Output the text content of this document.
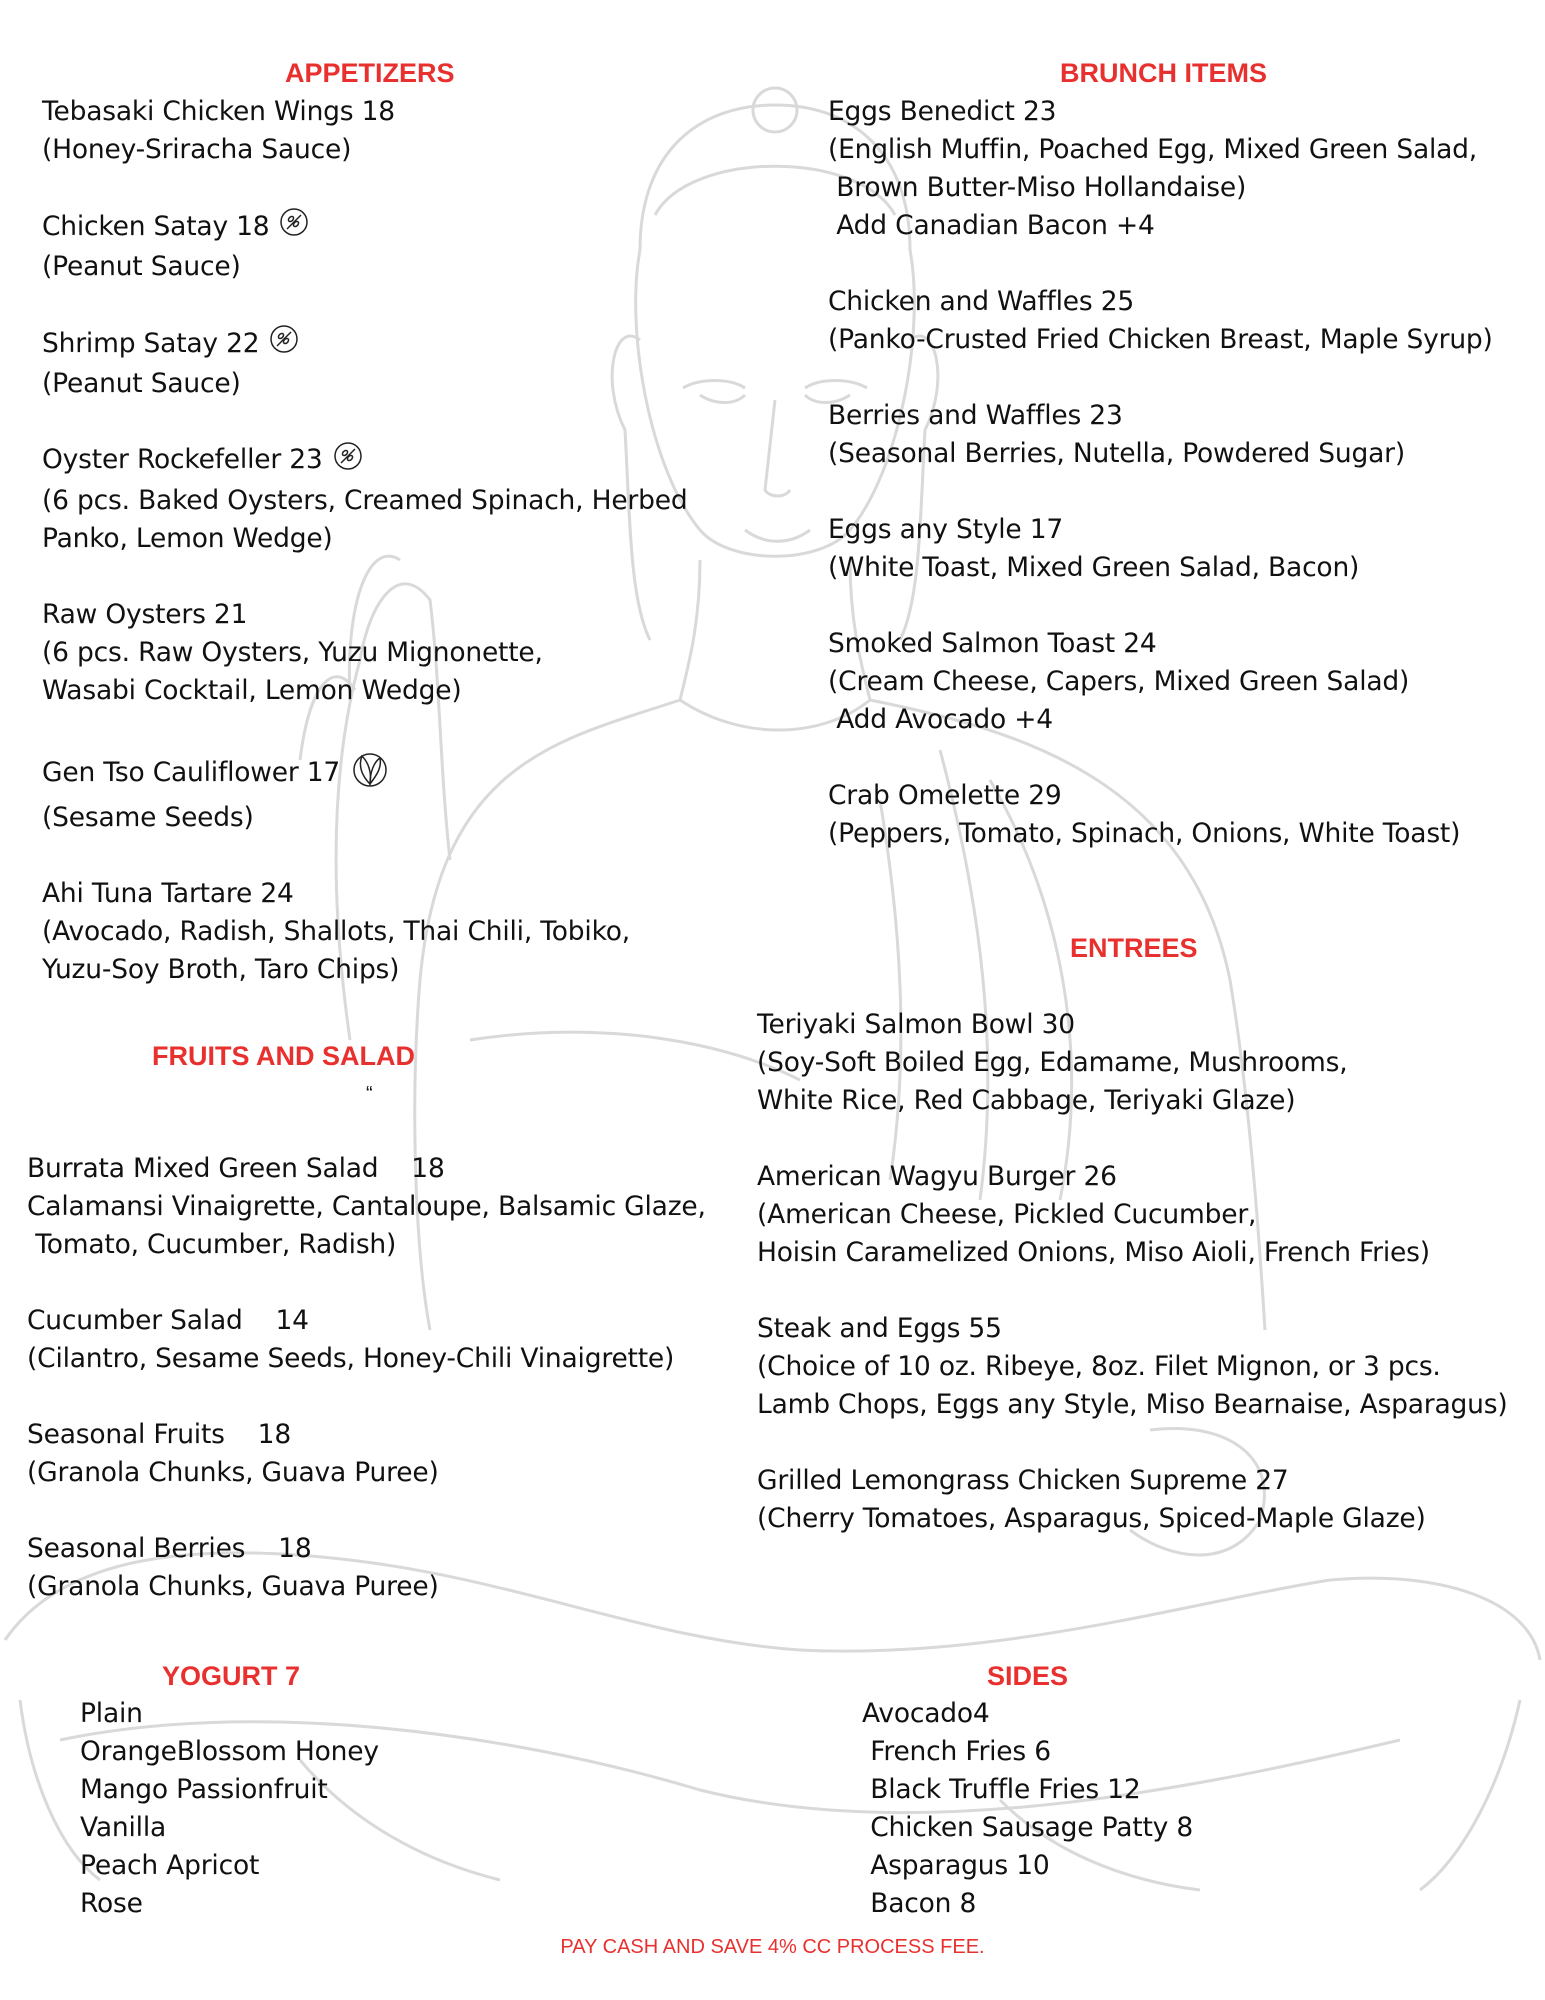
APPETIZERS
Tebasaki Chicken Wings 18
(Honey-Sriracha Sauce)
Chicken Satay 18
(Peanut Sauce)
Shrimp Satay 22
(Peanut Sauce)
Oyster Rockefeller 23
(6 pcs. Baked Oysters, Creamed Spinach, Herbed
Panko, Lemon Wedge)
Raw Oysters 21
(6 pcs. Raw Oysters, Yuzu Mignonette,
Wasabi Cocktail, Lemon Wedge)
Gen Tso Cauliflower 17
(Sesame Seeds)
Ahi Tuna Tartare 24
(Avocado, Radish, Shallots, Thai Chili, Tobiko,
Yuzu-Soy Broth, Taro Chips)
BRUNCH ITEMS
Eggs Benedict 23
(English Muffin, Poached Egg, Mixed Green Salad,
Brown Butter-Miso Hollandaise)
Add Canadian Bacon +4
Chicken and Waffles 25
(Panko-Crusted Fried Chicken Breast, Maple Syrup)
Berries and Waffles 23
(Seasonal Berries, Nutella, Powdered Sugar)
Eggs any Style 17
(White Toast, Mixed Green Salad, Bacon)
Smoked Salmon Toast 24
(Cream Cheese, Capers, Mixed Green Salad)
Add Avocado +4
Crab Omelette 29
(Peppers, Tomato, Spinach, Onions, White Toast)
FRUITS AND SALAD
“
Burrata Mixed Green Salad    18
Calamansi Vinaigrette, Cantaloupe, Balsamic Glaze,
Tomato, Cucumber, Radish)
Cucumber Salad    14
(Cilantro, Sesame Seeds, Honey-Chili Vinaigrette)
Seasonal Fruits    18
(Granola Chunks, Guava Puree)
Seasonal Berries    18
(Granola Chunks, Guava Puree)
ENTREES
Teriyaki Salmon Bowl 30
(Soy-Soft Boiled Egg, Edamame, Mushrooms,
White Rice, Red Cabbage, Teriyaki Glaze)
American Wagyu Burger 26
(American Cheese, Pickled Cucumber,
Hoisin Caramelized Onions, Miso Aioli, French Fries)
Steak and Eggs 55
(Choice of 10 oz. Ribeye, 8oz. Filet Mignon, or 3 pcs.
Lamb Chops, Eggs any Style, Miso Bearnaise, Asparagus)
Grilled Lemongrass Chicken Supreme 27
(Cherry Tomatoes, Asparagus, Spiced-Maple Glaze)
YOGURT 7
Plain
OrangeBlossom Honey
Mango Passionfruit
Vanilla
Peach Apricot
Rose
SIDES
Avocado4
French Fries 6
Black Truffle Fries 12
Chicken Sausage Patty 8
Asparagus 10
Bacon 8
PAY CASH AND SAVE 4% CC PROCESS FEE.
